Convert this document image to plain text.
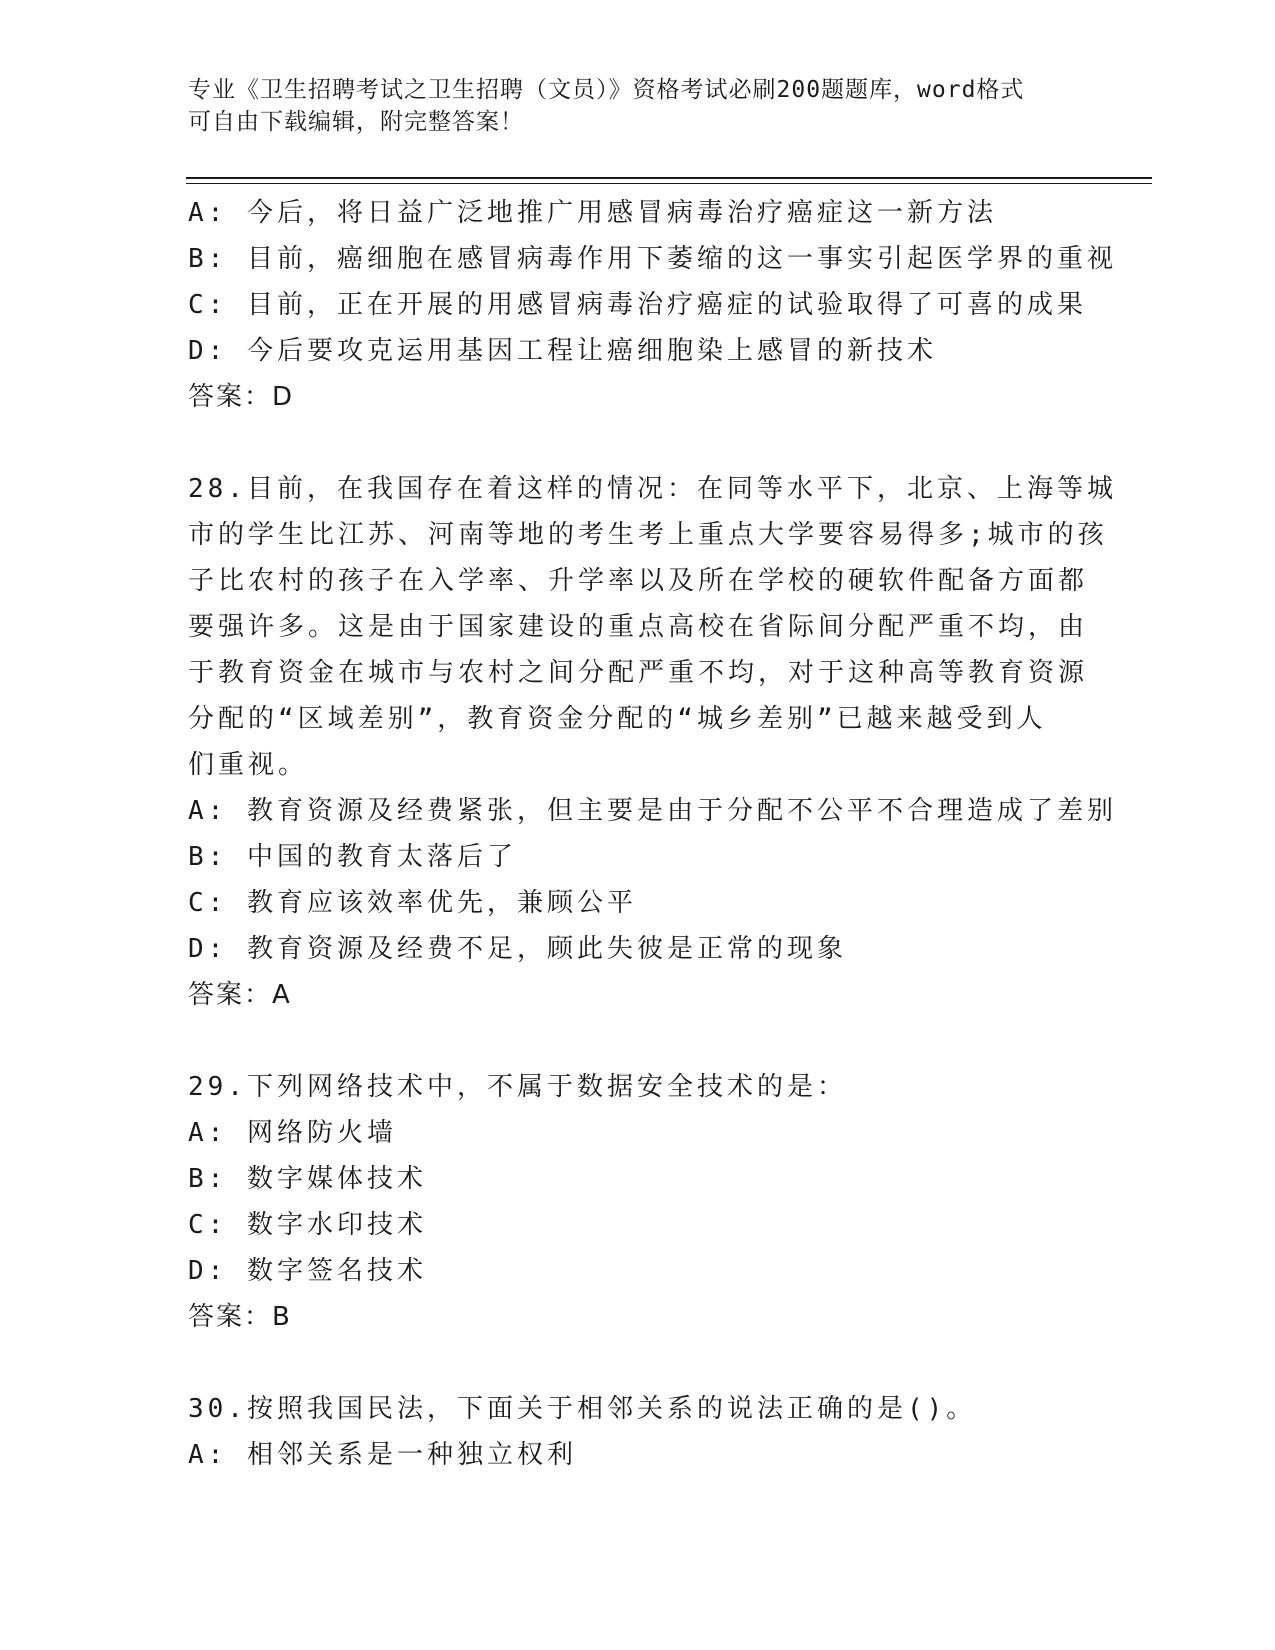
专业《卫生招聘考试之卫生招聘（文员）》资格考试必刷200题题库，word格式

可自由下载编辑，附完整答案！

A: 今后，将日益广泛地推广用感冒病毒治疗癌症这一新方法
B: 目前，癌细胞在感冒病毒作用下萎缩的这一事实引起医学界的重视
C: 目前，正在开展的用感冒病毒治疗癌症的试验取得了可喜的成果
D: 今后要攻克运用基因工程让癌细胞染上感冒的新技术
答案：D
28.目前，在我国存在着这样的情况：在同等水平下，北京、上海等城
市的学生比江苏、河南等地的考生考上重点大学要容易得多;城市的孩
子比农村的孩子在入学率、升学率以及所在学校的硬软件配备方面都
要强许多。这是由于国家建设的重点高校在省际间分配严重不均，由
于教育资金在城市与农村之间分配严重不均，对于这种高等教育资源
分配的“区域差别”，教育资金分配的“城乡差别”已越来越受到人
们重视。
A: 教育资源及经费紧张，但主要是由于分配不公平不合理造成了差别
B: 中国的教育太落后了
C: 教育应该效率优先，兼顾公平
D: 教育资源及经费不足，顾此失彼是正常的现象
答案：A
29.下列网络技术中，不属于数据安全技术的是：
A: 网络防火墙
B: 数字媒体技术
C: 数字水印技术
D: 数字签名技术
答案：B
30.按照我国民法，下面关于相邻关系的说法正确的是()。
A: 相邻关系是一种独立权利
